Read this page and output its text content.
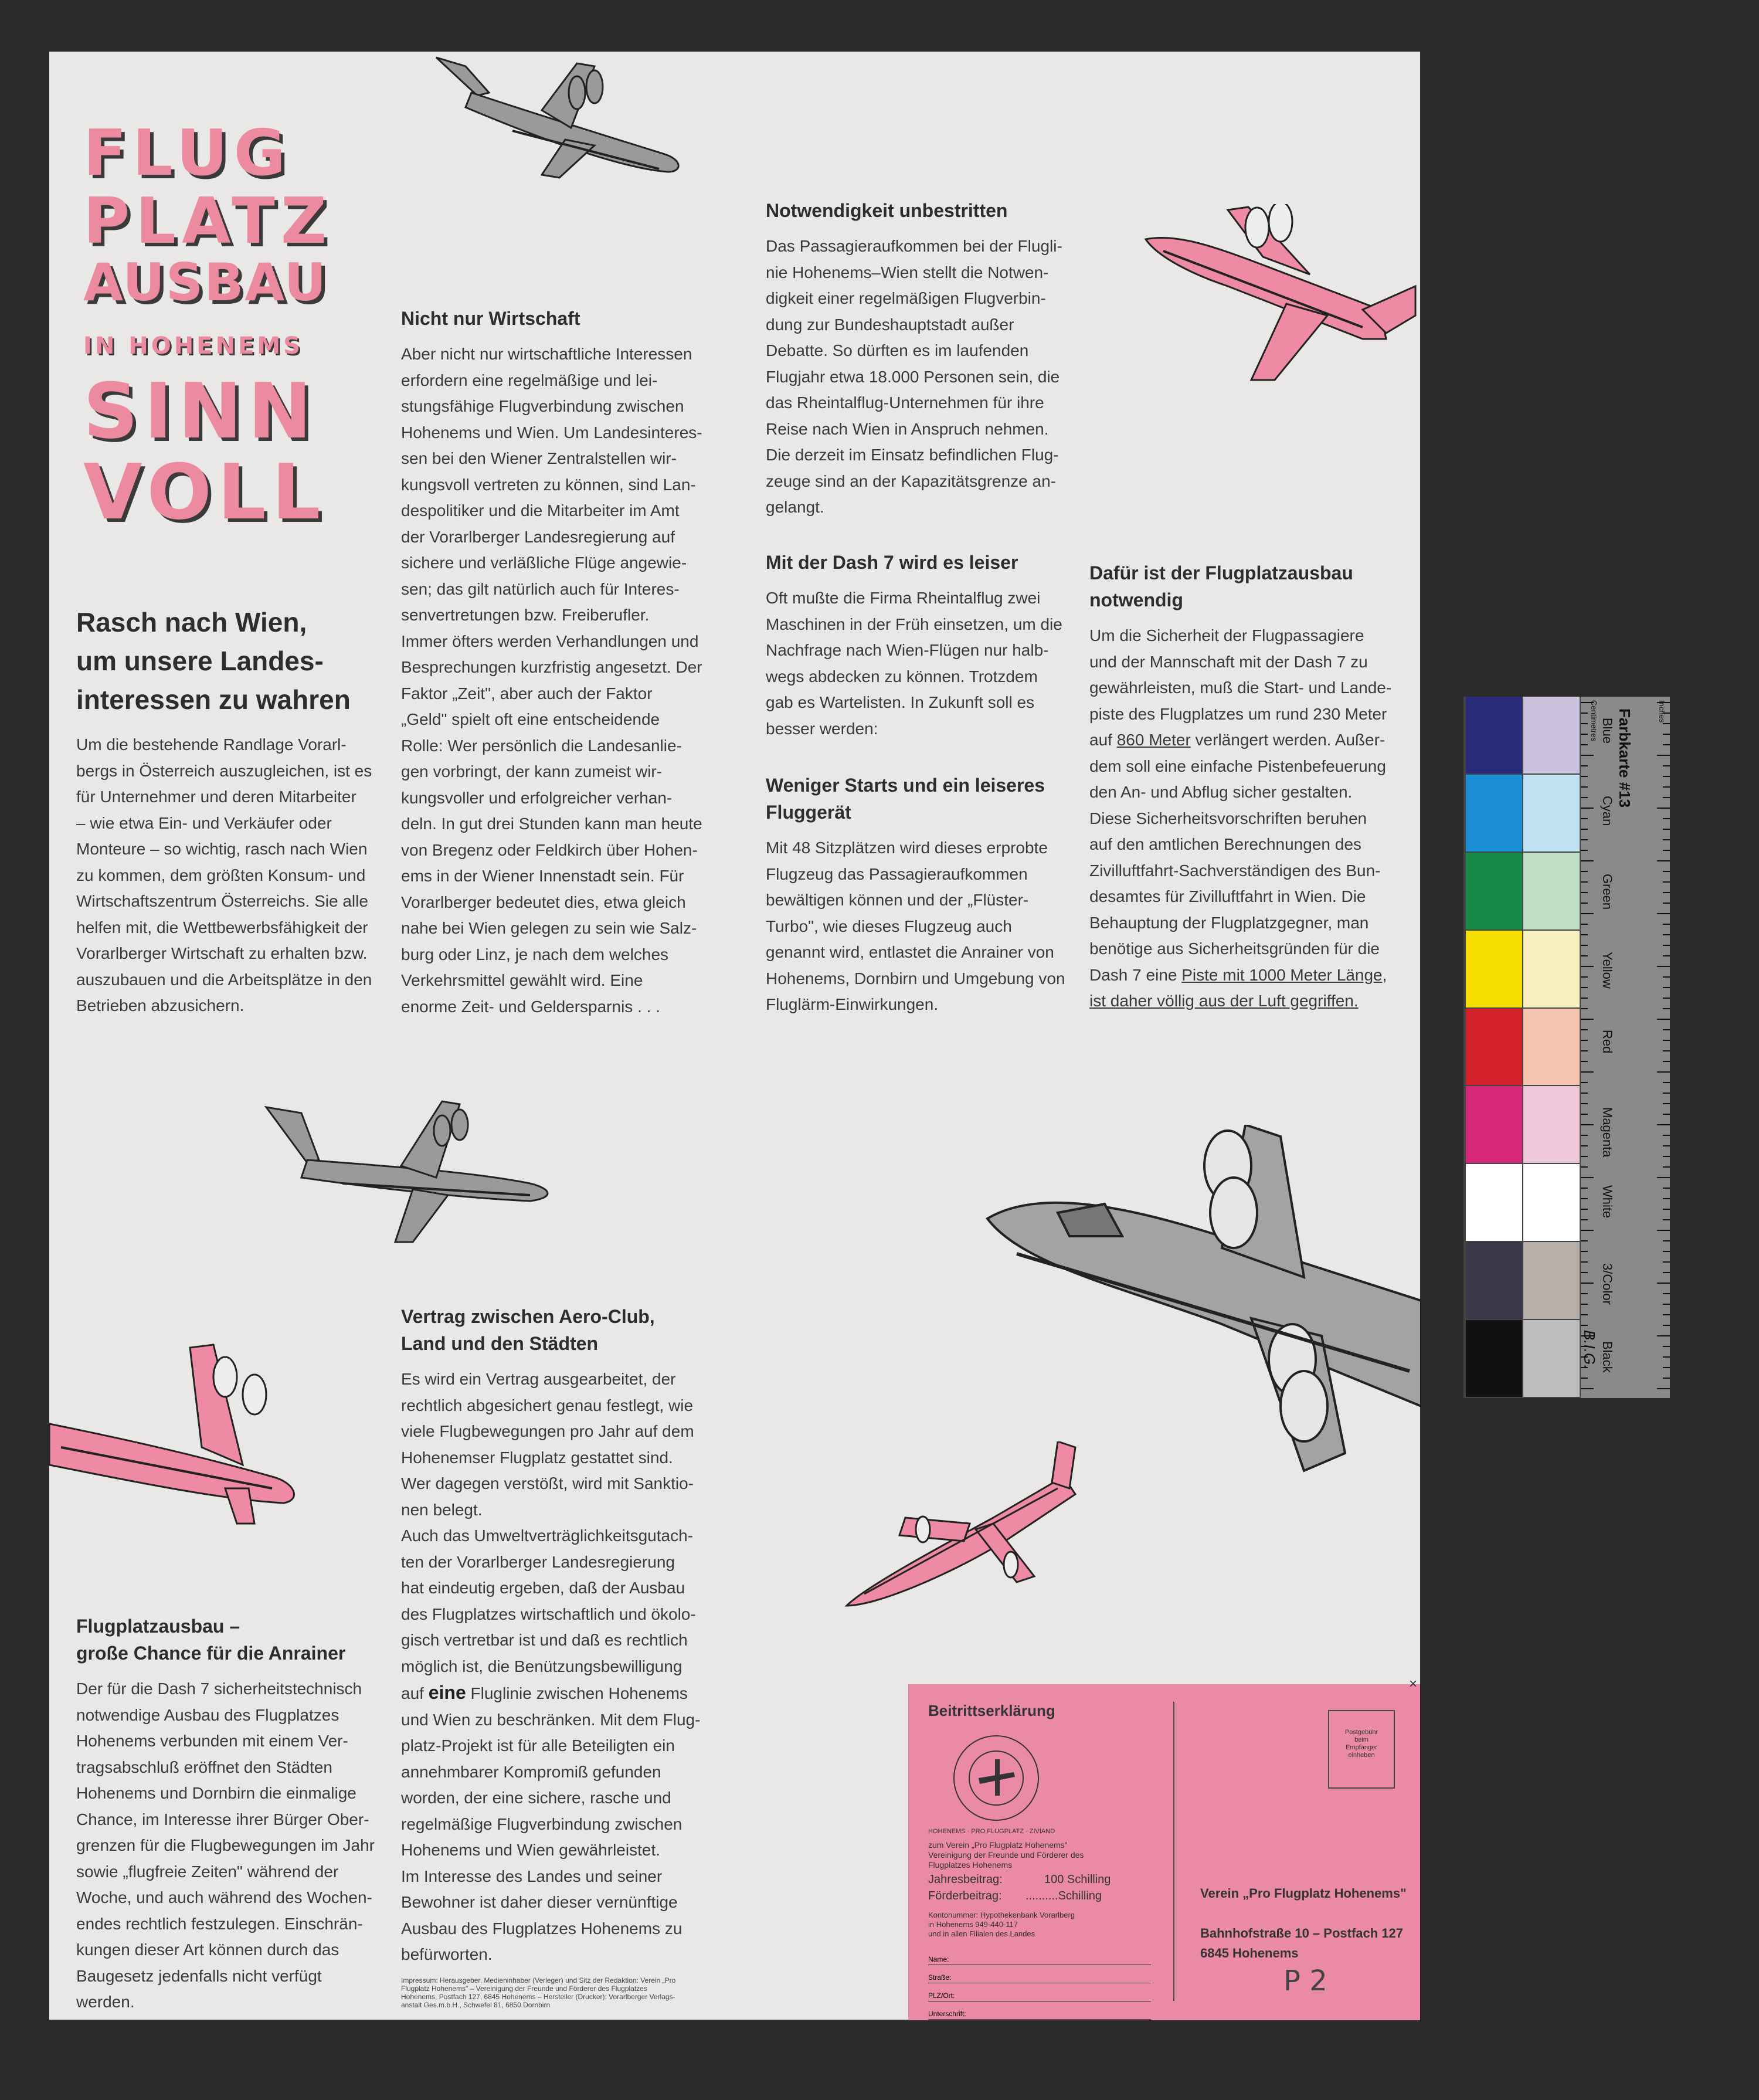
FLUG
PLATZ
AUSBAU
IN HOHENEMS
SINN
VOLL

Rasch nach Wien,
um unsere Landes-
interessen zu wahren

Um die bestehende Randlage Vorarl-
bergs in Österreich auszugleichen, ist es
für Unternehmer und deren Mitarbeiter
– wie etwa Ein- und Verkäufer oder
Monteure – so wichtig, rasch nach Wien
zu kommen, dem größten Konsum- und
Wirtschaftszentrum Österreichs. Sie alle
helfen mit, die Wettbewerbsfähigkeit der
Vorarlberger Wirtschaft zu erhalten bzw.
auszubauen und die Arbeitsplätze in den
Betrieben abzusichern.

Nicht nur Wirtschaft

Aber nicht nur wirtschaftliche Interessen
erfordern eine regelmäßige und lei-
stungsfähige Flugverbindung zwischen
Hohenems und Wien. Um Landesinteres-
sen bei den Wiener Zentralstellen wir-
kungsvoll vertreten zu können, sind Lan-
despolitiker und die Mitarbeiter im Amt
der Vorarlberger Landesregierung auf
sichere und verläßliche Flüge angewie-
sen; das gilt natürlich auch für Interes-
senvertretungen bzw. Freiberufler.
Immer öfters werden Verhandlungen und
Besprechungen kurzfristig angesetzt. Der
Faktor „Zeit", aber auch der Faktor
„Geld" spielt oft eine entscheidende
Rolle: Wer persönlich die Landesanlie-
gen vorbringt, der kann zumeist wir-
kungsvoller und erfolgreicher verhan-
deln. In gut drei Stunden kann man heute
von Bregenz oder Feldkirch über Hohen-
ems in der Wiener Innenstadt sein. Für
Vorarlberger bedeutet dies, etwa gleich
nahe bei Wien gelegen zu sein wie Salz-
burg oder Linz, je nach dem welches
Verkehrsmittel gewählt wird. Eine
enorme Zeit- und Geldersparnis . . .

Notwendigkeit unbestritten

Das Passagieraufkommen bei der Flugli-
nie Hohenems–Wien stellt die Notwen-
digkeit einer regelmäßigen Flugverbin-
dung zur Bundeshauptstadt außer
Debatte. So dürften es im laufenden
Flugjahr etwa 18.000 Personen sein, die
das Rheintalflug-Unternehmen für ihre
Reise nach Wien in Anspruch nehmen.
Die derzeit im Einsatz befindlichen Flug-
zeuge sind an der Kapazitätsgrenze an-
gelangt.

Mit der Dash 7 wird es leiser

Oft mußte die Firma Rheintalflug zwei
Maschinen in der Früh einsetzen, um die
Nachfrage nach Wien-Flügen nur halb-
wegs abdecken zu können. Trotzdem
gab es Wartelisten. In Zukunft soll es
besser werden:

Weniger Starts und ein leiseres
Fluggerät

Mit 48 Sitzplätzen wird dieses erprobte
Flugzeug das Passagieraufkommen
bewältigen können und der „Flüster-
Turbo", wie dieses Flugzeug auch
genannt wird, entlastet die Anrainer von
Hohenems, Dornbirn und Umgebung von
Fluglärm-Einwirkungen.

Dafür ist der Flugplatzausbau
notwendig

Um die Sicherheit der Flugpassagiere
und der Mannschaft mit der Dash 7 zu
gewährleisten, muß die Start- und Lande-
piste des Flugplatzes um rund 230 Meter

auf 860 Meter verlängert werden. Außer-

dem soll eine einfache Pistenbefeuerung
den An- und Abflug sicher gestalten.
Diese Sicherheitsvorschriften beruhen
auf den amtlichen Berechnungen des
Zivilluftfahrt-Sachverständigen des Bun-
desamtes für Zivilluftfahrt in Wien. Die
Behauptung der Flugplatzgegner, man
benötige aus Sicherheitsgründen für die

Dash 7 eine Piste mit 1000 Meter Länge,

ist daher völlig aus der Luft gegriffen.

Vertrag zwischen Aero-Club,
Land und den Städten

Es wird ein Vertrag ausgearbeitet, der
rechtlich abgesichert genau festlegt, wie
viele Flugbewegungen pro Jahr auf dem
Hohenemser Flugplatz gestattet sind.
Wer dagegen verstößt, wird mit Sanktio-
nen belegt.
Auch das Umweltverträglichkeitsgutach-
ten der Vorarlberger Landesregierung
hat eindeutig ergeben, daß der Ausbau
des Flugplatzes wirtschaftlich und ökolo-
gisch vertretbar ist und daß es rechtlich
möglich ist, die Benützungsbewilligung

auf eine Fluglinie zwischen Hohenems

und Wien zu beschränken. Mit dem Flug-
platz-Projekt ist für alle Beteiligten ein
annehmbarer Kompromiß gefunden
worden, der eine sichere, rasche und
regelmäßige Flugverbindung zwischen
Hohenems und Wien gewährleistet.
Im Interesse des Landes und seiner
Bewohner ist daher dieser vernünftige
Ausbau des Flugplatzes Hohenems zu
befürworten.

Impressum: Herausgeber, Medieninhaber (Verleger) und Sitz der Redaktion: Verein „Pro
Flugplatz Hohenems" – Vereinigung der Freunde und Förderer des Flugplatzes
Hohenems, Postfach 127, 6845 Hohenems – Hersteller (Drucker): Vorarlberger Verlags-
anstalt Ges.m.b.H., Schwefel 81, 6850 Dornbirn

Flugplatzausbau –
große Chance für die Anrainer

Der für die Dash 7 sicherheitstechnisch
notwendige Ausbau des Flugplatzes
Hohenems verbunden mit einem Ver-
tragsabschluß eröffnet den Städten
Hohenems und Dornbirn die einmalige
Chance, im Interesse ihrer Bürger Ober-
grenzen für die Flugbewegungen im Jahr
sowie „flugfreie Zeiten" während der
Woche, und auch während des Wochen-
endes rechtlich festzulegen. Einschrän-
kungen dieser Art können durch das
Baugesetz jedenfalls nicht verfügt
werden.

Beitrittserklärung
HOHENEMS · PRO FLUGPLATZ · ZIVIAND
zum Verein „Pro Flugplatz Hohenems"
Vereinigung der Freunde und Förderer des
Flugplatzes Hohenems
Jahresbeitrag:	100 Schilling
Förderbeitrag: ..........Schilling
Kontonummer: Hypothekenbank Vorarlberg
in Hohenems 949-440-117
und in allen Filialen des Landes
Name:
Straße:
PLZ/Ort:
Unterschrift:
Postgebühr
beim
Empfänger
einheben
Verein „Pro Flugplatz Hohenems"
Bahnhofstraße 10 – Postfach 127
6845 Hohenems
P 2
×
Farbkarte #13	Inches
Centimetres
B.I.G.
Blue
Cyan
Green
Yellow
Red
Magenta
White
3/Color
Black
